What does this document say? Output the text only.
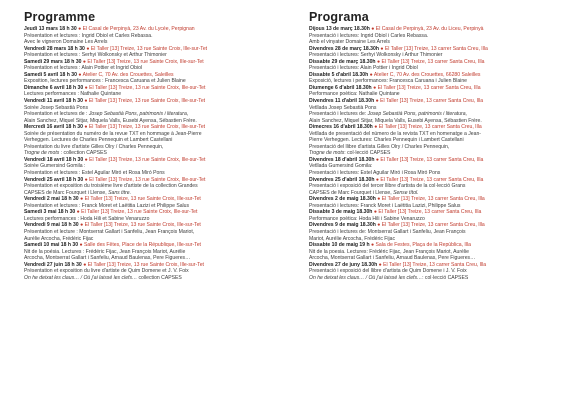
Programme

Jeudi 13 mars 18 h 30 ● El Casal de Perpinyà, 23 Av. du Lycée, Perpignan

Présentation et lectures : Ingrid Obiol et Carles Rebassa.

Avec le vigneron Domaine Les Arrels

Vendredi 28 mars 18 h 30 ● El Taller [13] Treize, 13 rue Sainte Croix, Ille-sur-Tet

Présentation et lectures : Serhyi Wolkonsky et Arthur Thimonier

Samedi 29 mars 18 h 30 ● El Taller [13] Treize, 13 rue Sainte Croix, Ille-sur-Tet

Présentation et lectures : Alain Pottier et Ingrid Obiol

Samedi 5 avril 18 h 30 ● Atelier C, 70 Av. des Crouettes, Saleilles

Exposition, lectures performances : Francesca Caruana et Julien Blaine

Dimanche 6 avril 18 h 30 ● El Taller [13] Treize, 13 rue Sainte Croix, Ille-sur-Tet

Lectures performances : Nathalie Quintane

Vendredi 11 avril 18 h 30 ● El Taller [13] Treize, 13 rue Sainte Croix, Ille-sur-Tet

Soirée Josep Sebastià Pons

Présentation et lectures de : Josep Sebastià Pons, patrimonis i literatura,

Alain Sanchez, Miquel Sitjar, Miquela Valls, Eusebi Ayensa, Sébastien Frère.

Mercredi 16 avril 18 h 30 ● El Taller [13] Treize, 13 rue Sainte Croix, Ille-sur-Tet

Soirée de présentation du numéro de la revue TXT en hommage à Jean-Pierre

Verheggen. Lectures de Charles Pennequin et Lambert Castellani

Présentation du livre d'artiste Gilles Olry / Charles Pennequin,

Trogne de mots : collection CAPSES

Vendredi 18 avril 18 h 30 ● El Taller [13] Treize, 13 rue Sainte Croix, Ille-sur-Tet

Soirée Gumersind Gomila :

Présentation et lectures : Estel Aguilar Miró et Rosa Miró Pons

Vendredi 25 avril 18 h 30 ● El Taller [13] Treize, 13 rue Sainte Croix, Ille-sur-Tet

Présentation et exposition du troisième livre d'artiste de la collection Grandes

CAPSES de Marc Fourquet i Llense, Sans titre.

Vendredi 2 mai 18 h 30 ● El Taller [13] Treize, 13 rue Sainte Croix, Ille-sur-Tet

Présentation et lectures : Franck Moret et Laëtitia Lazizi et Philippe Salus

Samedi 3 mai 18 h 30 ● El Taller [13] Treize, 13 rue Sainte Croix, Ille-sur-Tet

Lectures performances : Hoda Hili et Sabine Venaruzzo

Vendredi 9 mai 18 h 30 ● El Taller [13] Treize, 13 rue Sainte Croix, Ille-sur-Tet

Présentation et lecture : Montserrat Gallart i Sanfeliu, Jean François Mariot,

Aurélie Arcocha, Frédéric Fijac

Samedi 10 mai 18 h 30 ● Salle des Fêtes, Place de la République, Ille-sur-Tet

Nit de la poésia. Lectures : Frédéric Fijac, Jean François Mariot, Aurélie

Arcocha, Montserrat Gallart i Sanfeliu, Arnaud Baulenas, Pere Figueres…

Vendredi 27 juin 18 h 30 ● El Taller [13] Treize, 13 rue Sainte Croix, Ille-sur-Tet

Présentation et exposition du livre d'artiste de Quim Domene et J. V. Foix

On he deixat les claus… / Où j'ai laissé les clefs… collection CAPSES

Programa

Dijous 13 de març 18.30h ● El Casal de Perpinyà, 23 Av. du Liceu, Perpinyà

Presentació i lectures: Ingrid Obiol i Carles Rebassa.

Amb el vinyater Domaine Les Arrels

Divendres 28 de març 18.30h ● El Taller [13] Treize, 13 carrer Santa Creu, Illa

Presentació i lectures: Serhyi Wolkonsky i Arthur Thimonier

Dissabte 29 de març 18.30h ● El Taller [13] Treize, 13 carrer Santa Creu, Illa

Presentació i lectures: Alain Pottier i Ingrid Obiol

Dissabte 5 d'abril 18.30h ● Atelier C, 70 Av. des Crouettes, 66280 Saleilles

Exposició, lectures i performances: Francesca Caruana i Julien Blaine

Diumenge 6 d'abril 18.30h ● El Taller [13] Treize, 13 carrer Santa Creu, Illa

Performance poètica: Nathalie Quintane

Divendres 11 d'abril 18.30h ● El Taller [13] Treize, 13 carrer Santa Creu, Illa

Vetllada Josep Sebastià Pons

Presentació i lectures de: Josep Sebastià Pons, patrimonis i literatura,

Alain Sanchez, Miquel Sitjar, Miquela Valls, Eusebi Ayensa, Sébastien Frère.

Dimecres 16 d'abril 18.30h ● El Taller [13] Treize, 13 carrer Santa Creu, Illa

Vetllada de presentació del número de la revista TXT en homenatge a Jean-

Pierre Verheggen. Lectures: Charles Pennequin i Lambert Castellani

Presentació del llibre d'artista Gilles Olry / Charles Pennequin,

Trogne de mots: col·lecció CAPSES

Divendres 18 d'abril 18.30h ● El Taller [13] Treize, 13 carrer Santa Creu, Illa

Vetllada Gumersind Gomila:

Presentació i lectures: Estel Aguilar Miró i Rosa Miró Pons

Divendres 25 d'abril 18.30h ● El Taller [13] Treize, 13 carrer Santa Creu, Illa

Presentació i exposició del tercer llibre d'artista de la col·lecció Grans

CAPSES de Marc Fourquet i Llense, Sense títol.

Divendres 2 de maig 18.30h ● El Taller [13] Treize, 13 carrer Santa Creu, Illa

Presentació i lectures: Franck Moret i Laëtitia Lazizi, Philippe Salus

Dissabte 3 de maig 18.30h ● El Taller [13] Treize, 13 carrer Santa Creu, Illa

Performance poètica: Hoda Hili i Sabine Venaruzzo

Divendres 9 de maig 18.30h ● El Taller [13] Treize, 13 carrer Santa Creu, Illa

Presentació i lectures de: Montserrat Gallart i Sanfeliu, Jean François

Mariot, Aurélie Arcocha, Frédéric Fijac

Dissabte 10 de maig 19 h ● Sala de Festes, Plaça de la República, Illa

Nit de la poesia. Lectures: Frédéric Fijac, Jean François Mariot, Aurélie

Arcocha, Montserrat Gallart i Sanfeliu, Arnaud Baulenas, Pere Figueres…

Divendres 27 de juny 18.30h ● El Taller [13] Treize, 13 carrer Santa Creu, Illa

Presentació i exposició del llibre d'artista de Quim Domene i J. V. Foix

On he deixat les claus… / Où j'ai laissé les clefs…: col·lecció CAPSES
